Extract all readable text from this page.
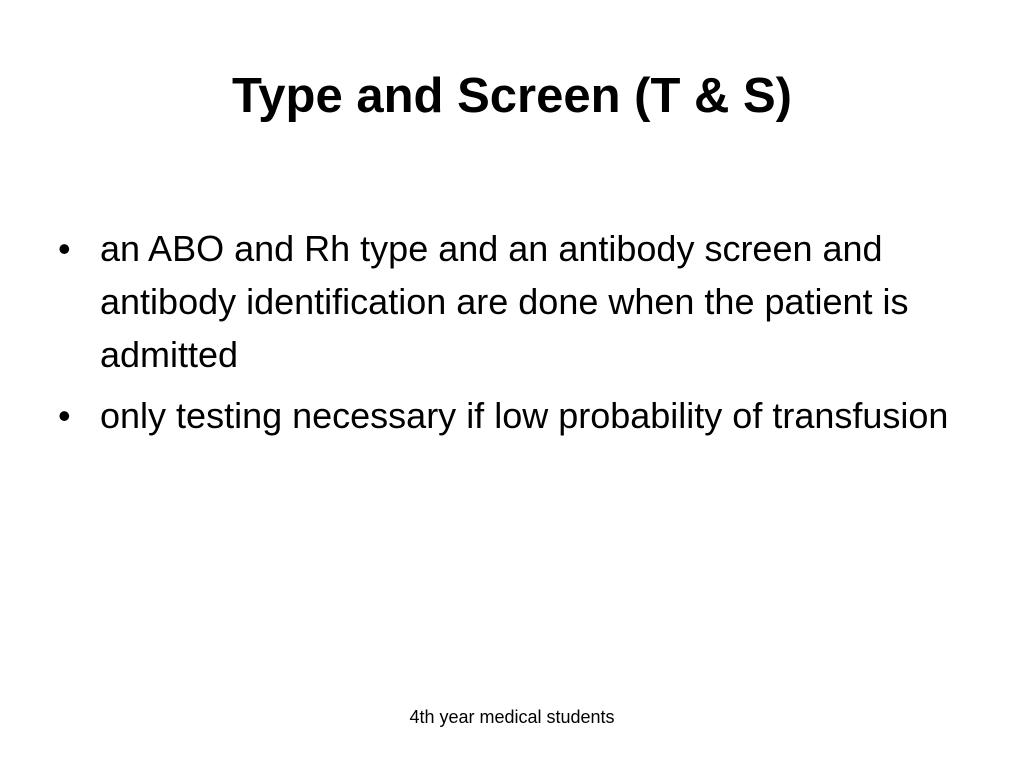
Type and Screen (T & S)
• an ABO and Rh type and an antibody screen and antibody identification are done when the patient is admitted
• only testing necessary if low probability of transfusion
4th year medical students
